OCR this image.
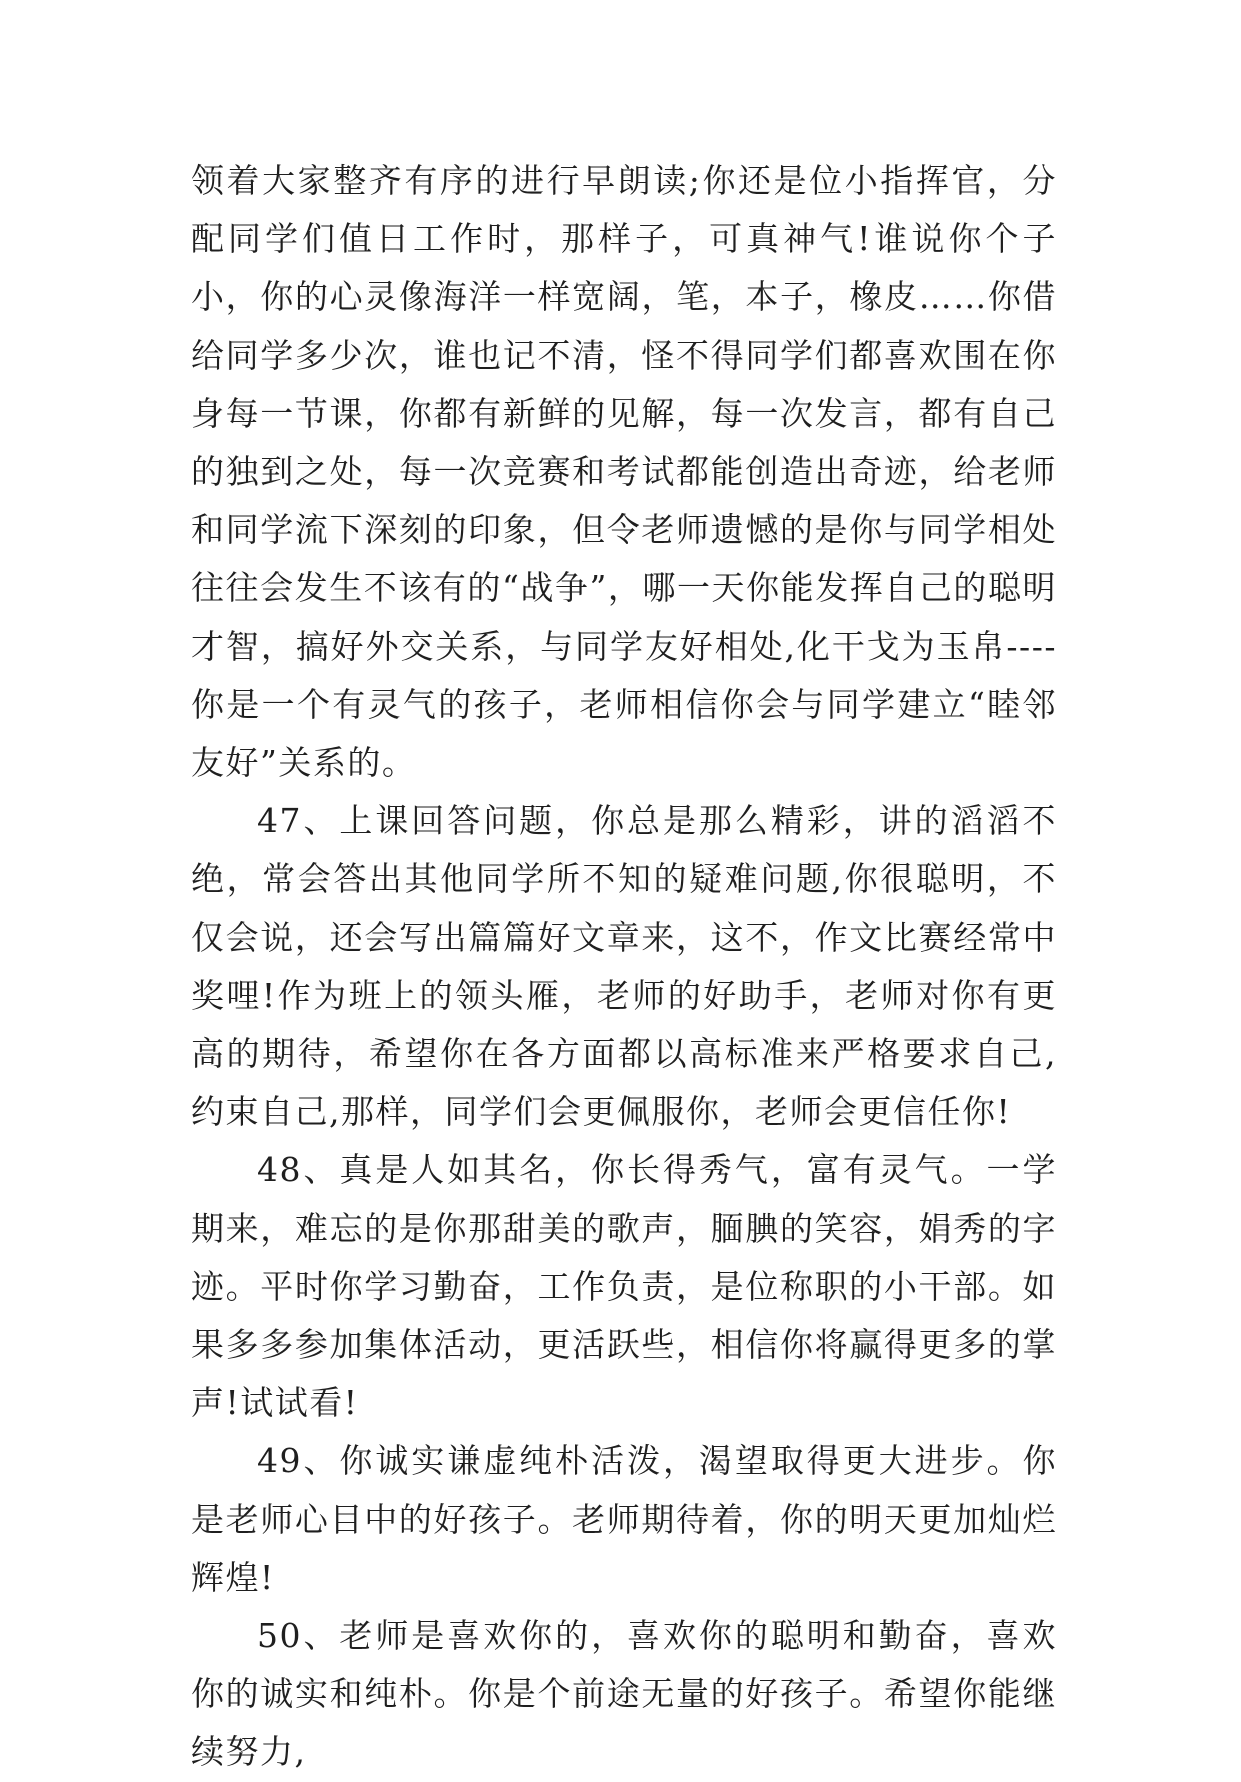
领着大家整齐有序的进行早朗读;你还是位小指挥官，分配同学们值日工作时，那样子，可真神气!谁说你个子小，你的心灵像海洋一样宽阔，笔，本子，橡皮……你借给同学多少次，谁也记不清，怪不得同学们都喜欢围在你身每一节课，你都有新鲜的见解，每一次发言，都有自己的独到之处，每一次竞赛和考试都能创造出奇迹，给老师和同学流下深刻的印象，但令老师遗憾的是你与同学相处往往会发生不该有的“战争”，哪一天你能发挥自己的聪明才智，搞好外交关系，与同学友好相处,化干戈为玉帛----你是一个有灵气的孩子，老师相信你会与同学建立“睦邻友好”关系的。

47、上课回答问题，你总是那么精彩，讲的滔滔不绝，常会答出其他同学所不知的疑难问题,你很聪明，不仅会说，还会写出篇篇好文章来，这不，作文比赛经常中奖哩!作为班上的领头雁，老师的好助手，老师对你有更高的期待，希望你在各方面都以高标准来严格要求自己,约束自己,那样，同学们会更佩服你，老师会更信任你!

48、真是人如其名，你长得秀气，富有灵气。一学期来，难忘的是你那甜美的歌声，腼腆的笑容，娟秀的字迹。平时你学习勤奋，工作负责，是位称职的小干部。如果多多参加集体活动，更活跃些，相信你将赢得更多的掌声!试试看!

49、你诚实谦虚纯朴活泼，渴望取得更大进步。你是老师心目中的好孩子。老师期待着，你的明天更加灿烂辉煌!

50、老师是喜欢你的，喜欢你的聪明和勤奋，喜欢你的诚实和纯朴。你是个前途无量的好孩子。希望你能继续努力,
